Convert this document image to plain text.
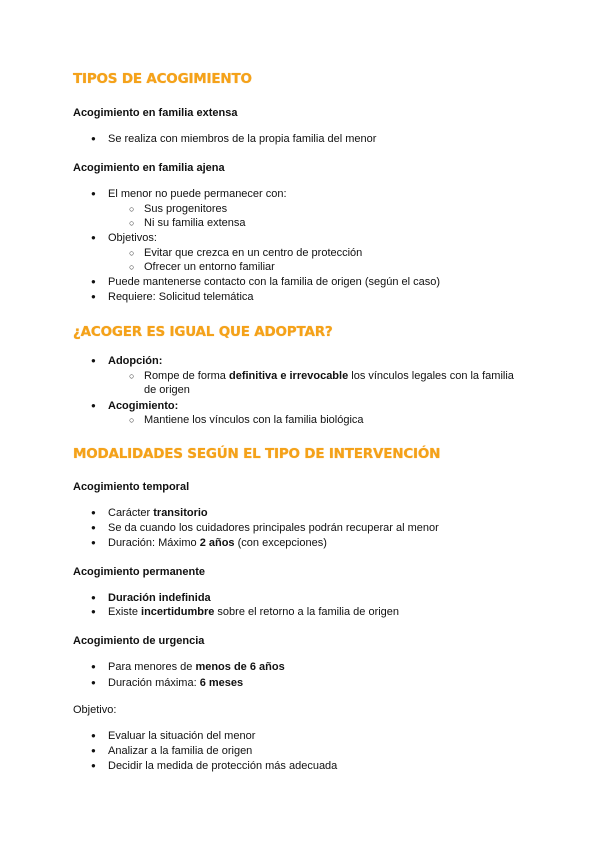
TIPOS DE ACOGIMIENTO
Acogimiento en familia extensa
● Se realiza con miembros de la propia familia del menor
Acogimiento en familia ajena
● El menor no puede permanecer con:
○ Sus progenitores
○ Ni su familia extensa
● Objetivos:
○ Evitar que crezca en un centro de protección
○ Ofrecer un entorno familiar
● Puede mantenerse contacto con la familia de origen (según el caso)
● Requiere: Solicitud telemática
¿ACOGER ES IGUAL QUE ADOPTAR?
● Adopción:
○ Rompe de forma definitiva e irrevocable los vínculos legales con la familia de origen
● Acogimiento:
○ Mantiene los vínculos con la familia biológica
MODALIDADES SEGÚN EL TIPO DE INTERVENCIÓN
Acogimiento temporal
● Carácter transitorio
● Se da cuando los cuidadores principales podrán recuperar al menor
● Duración: Máximo 2 años (con excepciones)
Acogimiento permanente
● Duración indefinida
● Existe incertidumbre sobre el retorno a la familia de origen
Acogimiento de urgencia
● Para menores de menos de 6 años
● Duración máxima: 6 meses

Objetivo:

● Evaluar la situación del menor
● Analizar a la familia de origen
● Decidir la medida de protección más adecuada
